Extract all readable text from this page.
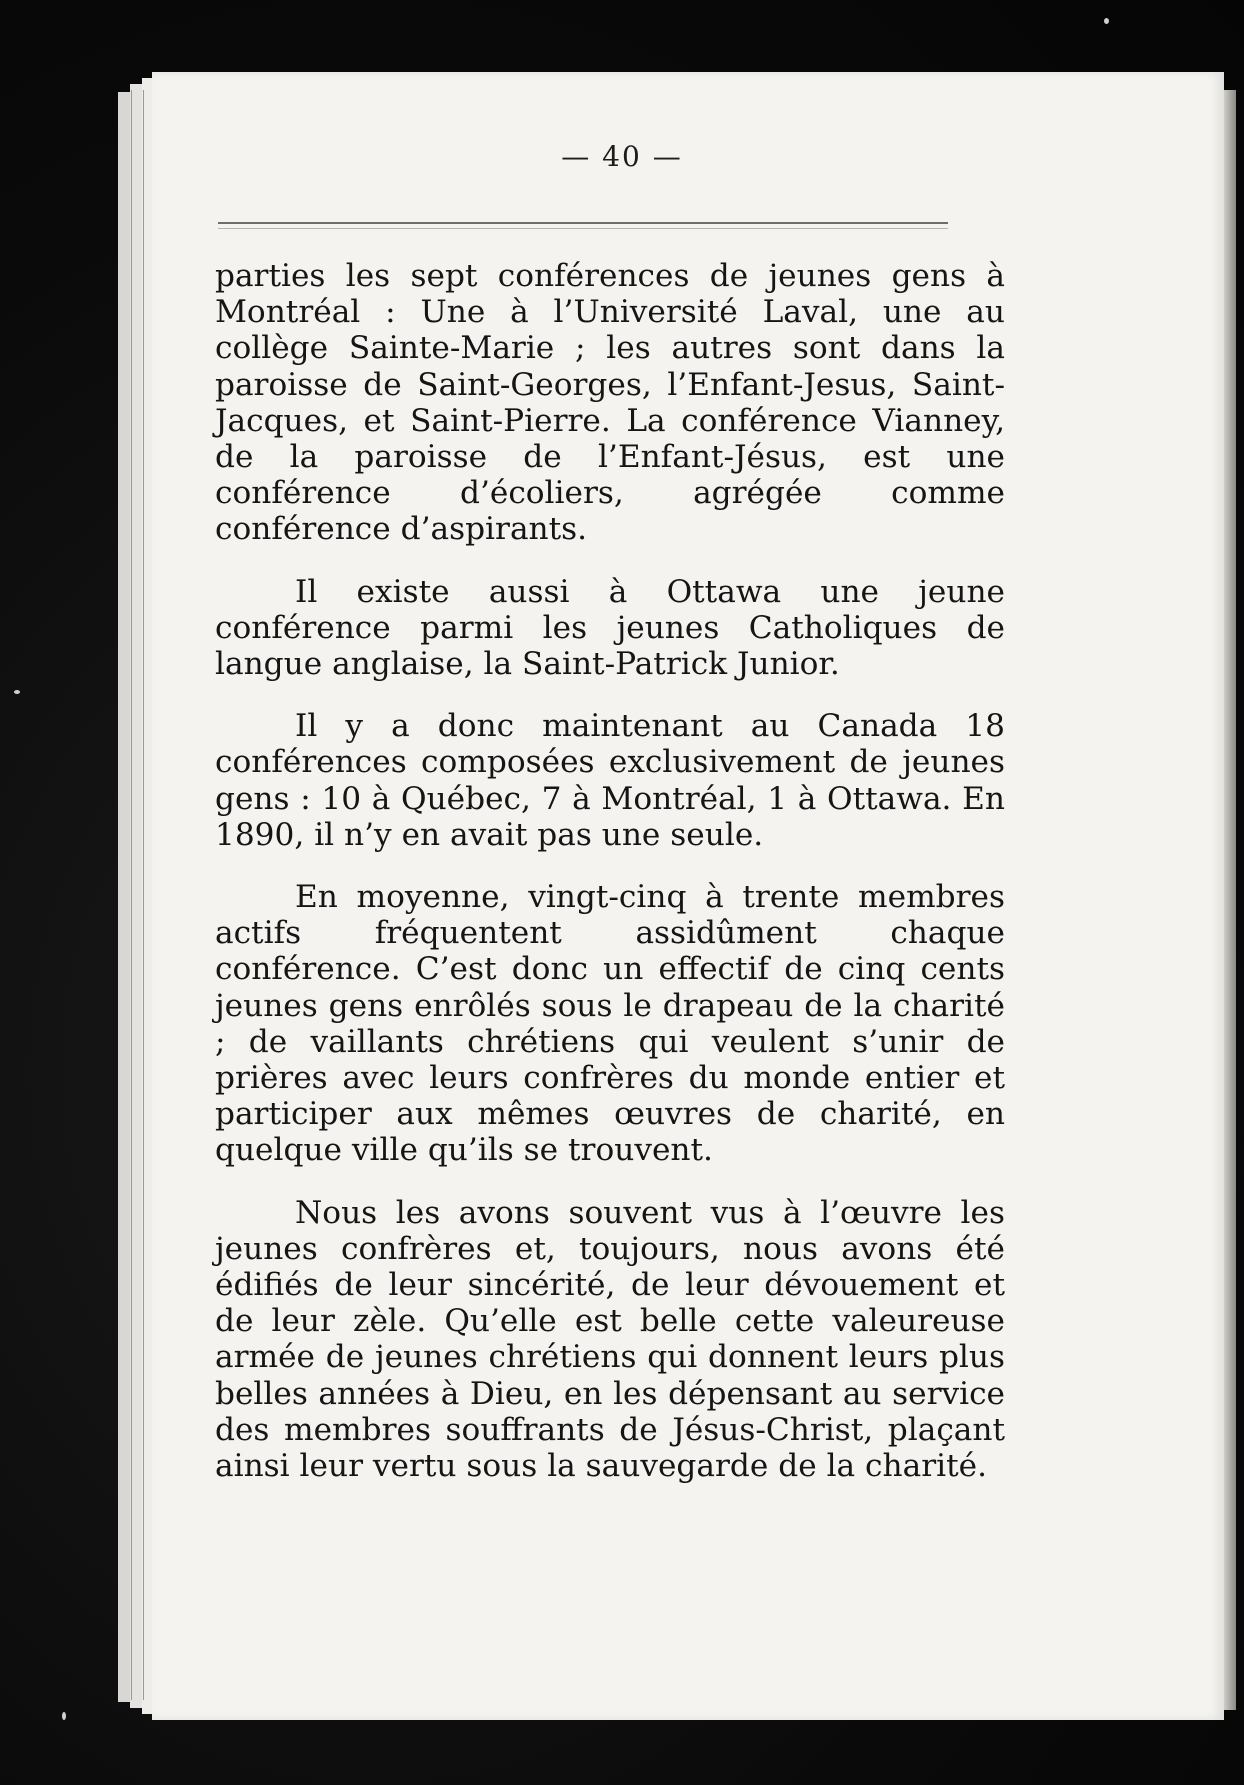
— 40 —

parties les sept conférences de jeunes gens à Montréal : Une à l’Université Laval, une au collège Sainte-Marie ; les autres sont dans la paroisse de Saint-Georges, l’Enfant-Jesus, Saint-Jacques, et Saint-Pierre. La conférence Vianney, de la paroisse de l’Enfant-Jésus, est une conférence d’écoliers, agrégée comme conférence d’aspirants.

Il existe aussi à Ottawa une jeune conférence parmi les jeunes Catholiques de langue anglaise, la Saint-Patrick Junior.

Il y a donc maintenant au Canada 18 conférences composées exclusivement de jeunes gens : 10 à Québec, 7 à Montréal, 1 à Ottawa. En 1890, il n’y en avait pas une seule.

En moyenne, vingt-cinq à trente membres actifs fréquentent assidûment chaque conférence. C’est donc un effectif de cinq cents jeunes gens enrôlés sous le drapeau de la charité ; de vaillants chrétiens qui veulent s’unir de prières avec leurs confrères du monde entier et participer aux mêmes œuvres de charité, en quelque ville qu’ils se trouvent.

Nous les avons souvent vus à l’œuvre les jeunes confrères et, toujours, nous avons été édifiés de leur sincérité, de leur dévouement et de leur zèle. Qu’elle est belle cette valeureuse armée de jeunes chrétiens qui donnent leurs plus belles années à Dieu, en les dépensant au service des membres souffrants de Jésus-Christ, plaçant ainsi leur vertu sous la sauvegarde de la charité.
